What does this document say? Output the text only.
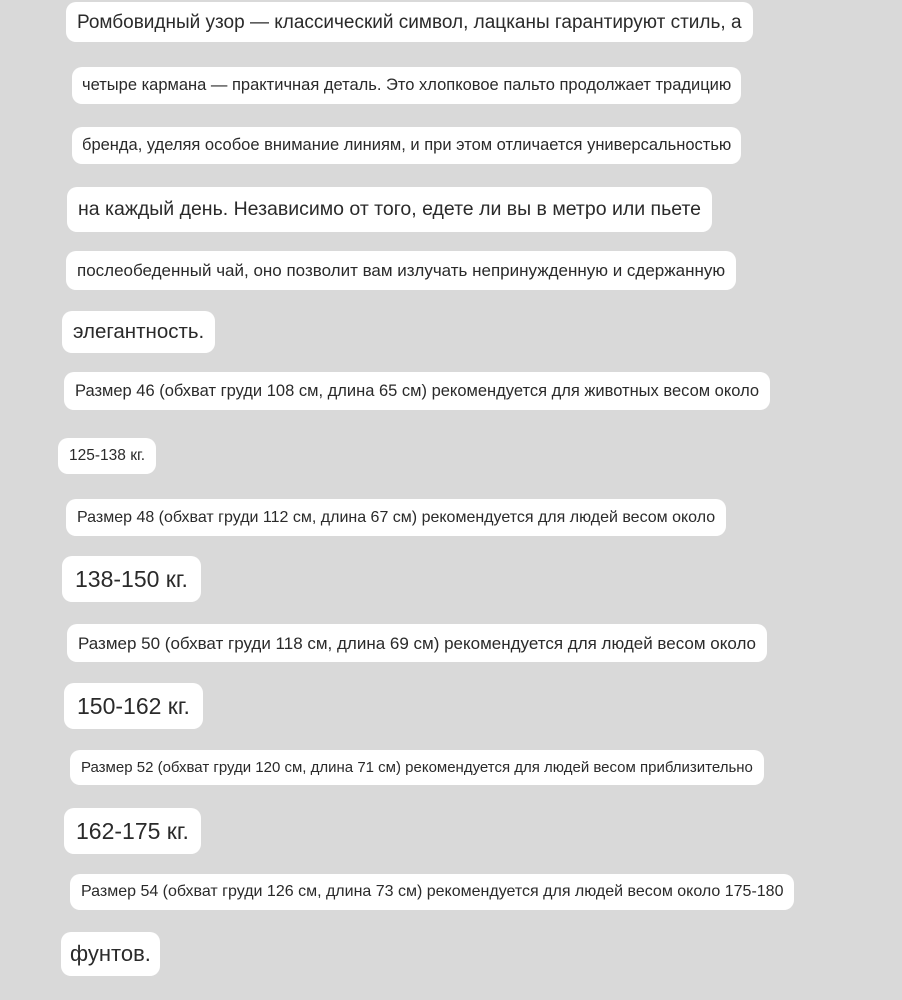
Ромбовидный узор — классический символ, лацканы гарантируют стиль, а
четыре кармана — практичная деталь. Это хлопковое пальто продолжает традицию
бренда, уделяя особое внимание линиям, и при этом отличается универсальностью
на каждый день. Независимо от того, едете ли вы в метро или пьете
послеобеденный чай, оно позволит вам излучать непринужденную и сдержанную
элегантность.
Размер 46 (обхват груди 108 см, длина 65 см) рекомендуется для животных весом около
125-138 кг.
Размер 48 (обхват груди 112 см, длина 67 см) рекомендуется для людей весом около
138-150 кг.
Размер 50 (обхват груди 118 см, длина 69 см) рекомендуется для людей весом около
150-162 кг.
Размер 52 (обхват груди 120 см, длина 71 см) рекомендуется для людей весом приблизительно
162-175 кг.
Размер 54 (обхват груди 126 см, длина 73 см) рекомендуется для людей весом около 175-180
фунтов.
